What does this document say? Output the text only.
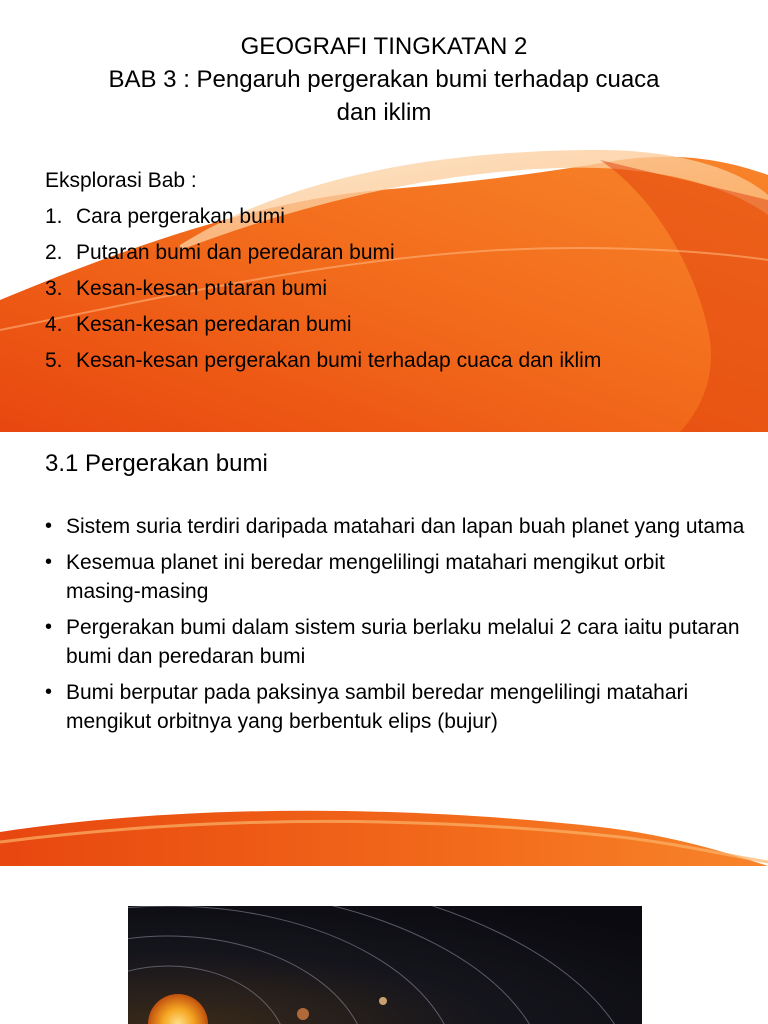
GEOGRAFI TINGKATAN 2
BAB 3 : Pengaruh pergerakan bumi terhadap cuaca
dan iklim
Eksplorasi Bab :
1. Cara pergerakan bumi
2. Putaran bumi dan peredaran bumi
3. Kesan-kesan putaran bumi
4. Kesan-kesan peredaran bumi
5. Kesan-kesan pergerakan bumi terhadap cuaca dan iklim
3.1 Pergerakan bumi
• Sistem suria terdiri daripada matahari dan lapan buah planet yang utama
• Kesemua planet ini beredar mengelilingi matahari mengikut orbit masing-masing
• Pergerakan bumi dalam sistem suria berlaku melalui 2 cara iaitu putaran bumi dan peredaran bumi
• Bumi berputar pada paksinya sambil beredar mengelilingi matahari mengikut orbitnya yang berbentuk elips (bujur)
